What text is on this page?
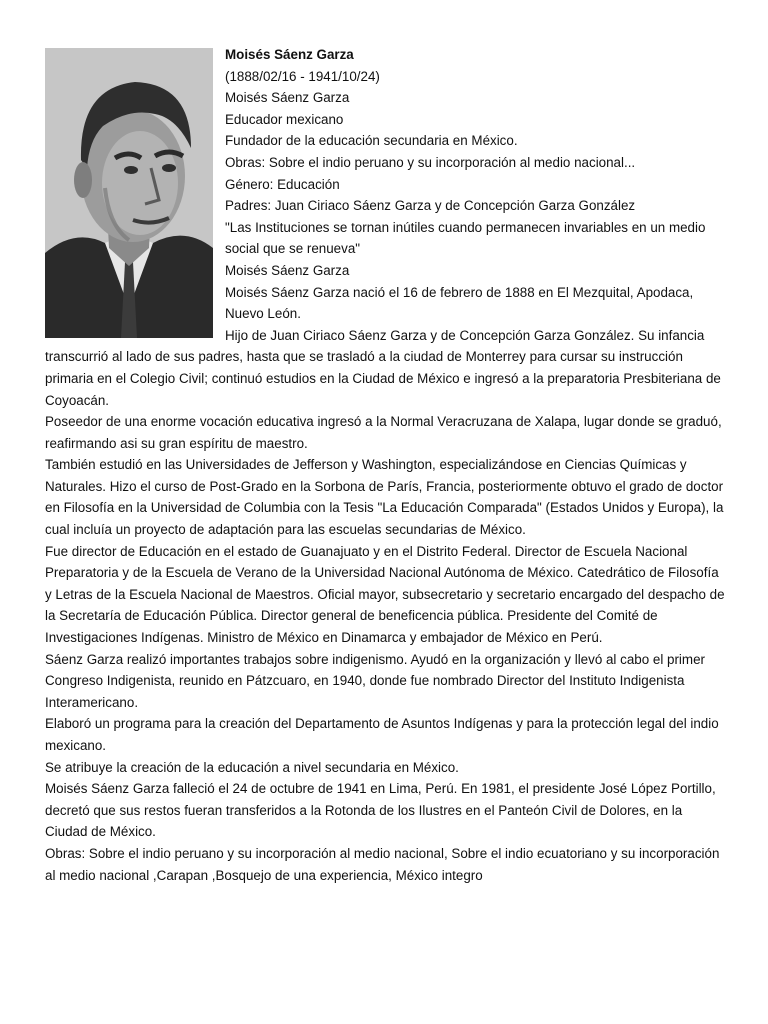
Moisés Sáenz Garza

(1888/02/16 - 1941/10/24)

Moisés Sáenz Garza

Educador mexicano

Fundador de la educación secundaria en México.

Obras: Sobre el indio peruano y su incorporación al medio nacional...

Género: Educación

Padres: Juan Ciriaco Sáenz Garza y de Concepción Garza González

"Las Instituciones se tornan inútiles cuando permanecen invariables en un medio social que se renueva"

Moisés Sáenz Garza

Moisés Sáenz Garza nació el 16 de febrero de 1888 en El Mezquital, Apodaca, Nuevo León.

Hijo de Juan Ciriaco Sáenz Garza y de Concepción Garza González. Su infancia transcurrió al lado de sus padres, hasta que se trasladó a la ciudad de Monterrey para cursar su instrucción primaria en el Colegio Civil; continuó estudios en la Ciudad de México e ingresó a la preparatoria Presbiteriana de Coyoacán.

Poseedor de una enorme vocación educativa ingresó a la Normal Veracruzana de Xalapa, lugar donde se graduó, reafirmando asi su gran espíritu de maestro.

También estudió en las Universidades de Jefferson y Washington, especializándose en Ciencias Químicas y Naturales. Hizo el curso de Post-Grado en la Sorbona de París, Francia, posteriormente obtuvo el grado de doctor en Filosofía en la Universidad de Columbia con la Tesis "La Educación Comparada" (Estados Unidos y Europa), la cual incluía un proyecto de adaptación para las escuelas secundarias de México.

Fue director de Educación en el estado de Guanajuato y en el Distrito Federal. Director de Escuela Nacional Preparatoria y de la Escuela de Verano de la Universidad Nacional Autónoma de México. Catedrático de Filosofía y Letras de la Escuela Nacional de Maestros. Oficial mayor, subsecretario y secretario encargado del despacho de la Secretaría de Educación Pública. Director general de beneficencia pública. Presidente del Comité de Investigaciones Indígenas. Ministro de México en Dinamarca y embajador de México en Perú.

Sáenz Garza realizó importantes trabajos sobre indigenismo. Ayudó en la organización y llevó al cabo el primer Congreso Indigenista, reunido en Pátzcuaro, en 1940, donde fue nombrado Director del Instituto Indigenista Interamericano.

Elaboró un programa para la creación del Departamento de Asuntos Indígenas y para la protección legal del indio mexicano.

Se atribuye la creación de la educación a nivel secundaria en México.

Moisés Sáenz Garza falleció el 24 de octubre de 1941 en Lima, Perú. En 1981, el presidente José López Portillo, decretó que sus restos fueran transferidos a la Rotonda de los Ilustres en el Panteón Civil de Dolores, en la Ciudad de México.

Obras: Sobre el indio peruano y su incorporación al medio nacional, Sobre el indio ecuatoriano y su incorporación al medio nacional ,Carapan ,Bosquejo de una experiencia, México integro
